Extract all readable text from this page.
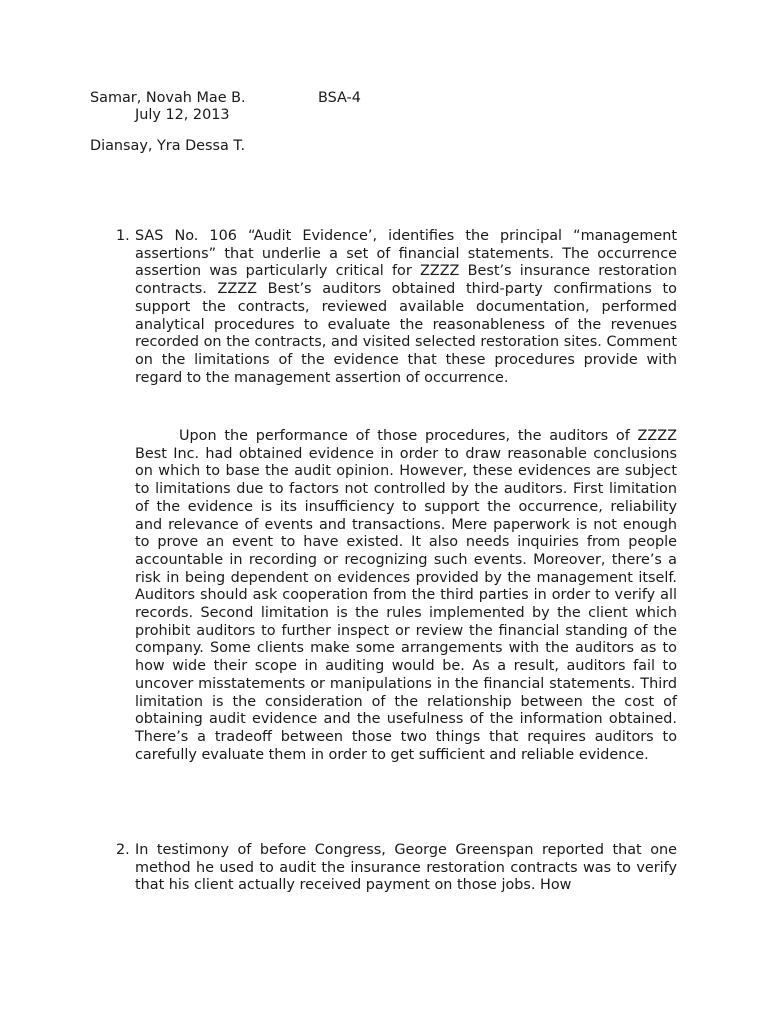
Samar, Novah Mae B.	BSA-4
July 12, 2013
Diansay, Yra Dessa T.
1. SAS No. 106 “Audit Evidence’, identifies the principal “management assertions” that underlie a set of financial statements. The occurrence assertion was particularly critical for ZZZZ Best’s insurance restoration contracts. ZZZZ Best’s auditors obtained third-party confirmations to support the contracts, reviewed available documentation, performed analytical procedures to evaluate the reasonableness of the revenues recorded on the contracts, and visited selected restoration sites. Comment on the limitations of the evidence that these procedures provide with regard to the management assertion of occurrence.
Upon the performance of those procedures, the auditors of ZZZZ Best Inc. had obtained evidence in order to draw reasonable conclusions on which to base the audit opinion. However, these evidences are subject to limitations due to factors not controlled by the auditors. First limitation of the evidence is its insufficiency to support the occurrence, reliability and relevance of events and transactions. Mere paperwork is not enough to prove an event to have existed. It also needs inquiries from people accountable in recording or recognizing such events. Moreover, there’s a risk in being dependent on evidences provided by the management itself. Auditors should ask cooperation from the third parties in order to verify all records. Second limitation is the rules implemented by the client which prohibit auditors to further inspect or review the financial standing of the company. Some clients make some arrangements with the auditors as to how wide their scope in auditing would be. As a result, auditors fail to uncover misstatements or manipulations in the financial statements. Third limitation is the consideration of the relationship between the cost of obtaining audit evidence and the usefulness of the information obtained. There’s a tradeoff between those two things that requires auditors to carefully evaluate them in order to get sufficient and reliable evidence.
2. In testimony of before Congress, George Greenspan reported that one method he used to audit the insurance restoration contracts was to verify that his client actually received payment on those jobs. How
